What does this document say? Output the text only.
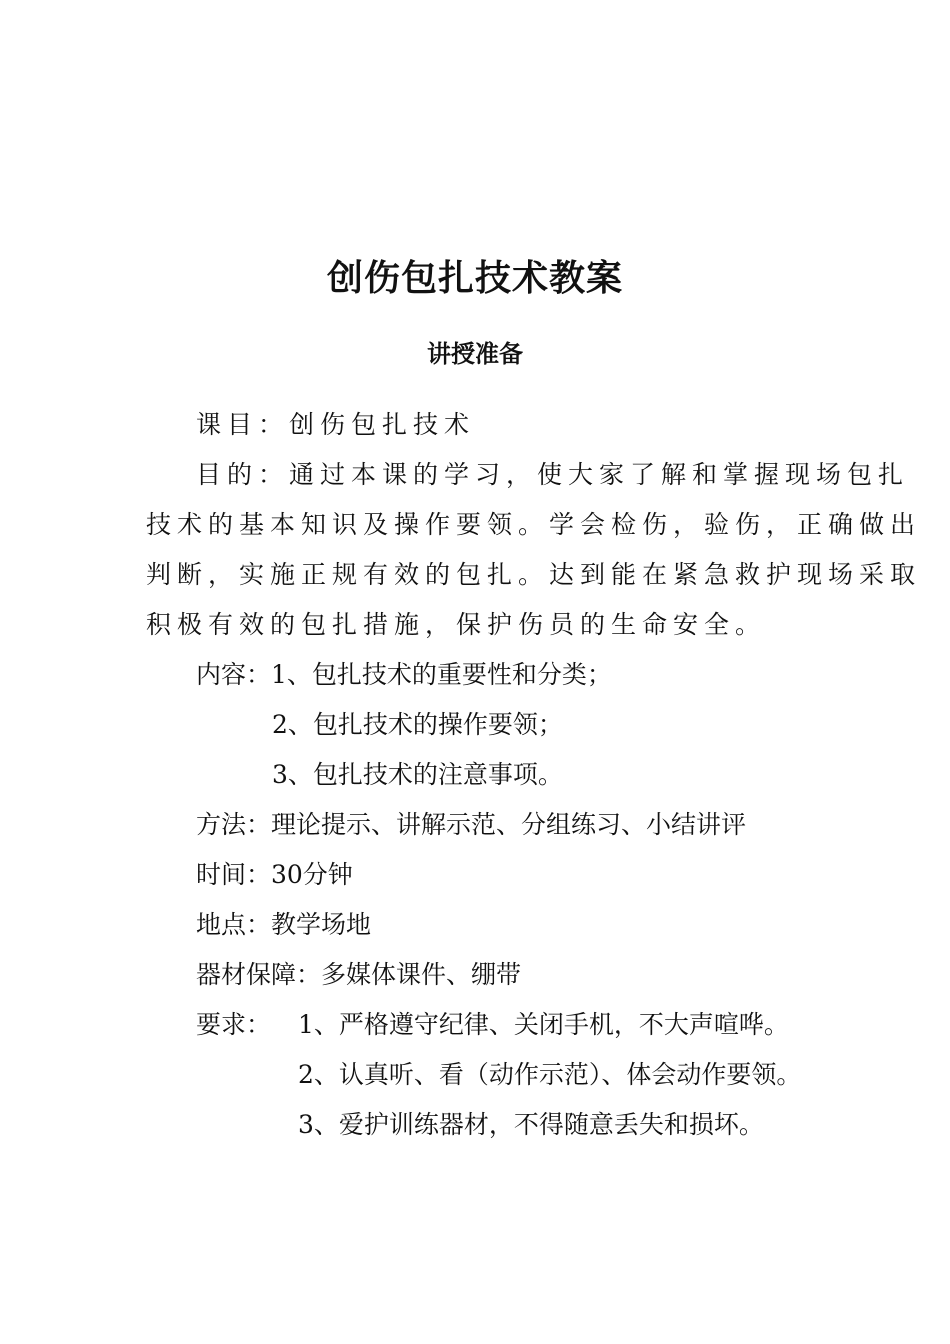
创伤包扎技术教案
讲授准备
课目：创伤包扎技术
目的：通过本课的学习，使大家了解和掌握现场包扎
技术的基本知识及操作要领。学会检伤，验伤，正确做出
判断，实施正规有效的包扎。达到能在紧急救护现场采取
积极有效的包扎措施，保护伤员的生命安全。
内容：1、包扎技术的重要性和分类；
2、包扎技术的操作要领；
3、包扎技术的注意事项。
方法：理论提示、讲解示范、分组练习、小结讲评
时间：30分钟
地点：教学场地
器材保障：多媒体课件、绷带
要求： 1、严格遵守纪律、关闭手机，不大声喧哗。
2、认真听、看（动作示范）、体会动作要领。
3、爱护训练器材，不得随意丢失和损坏。
